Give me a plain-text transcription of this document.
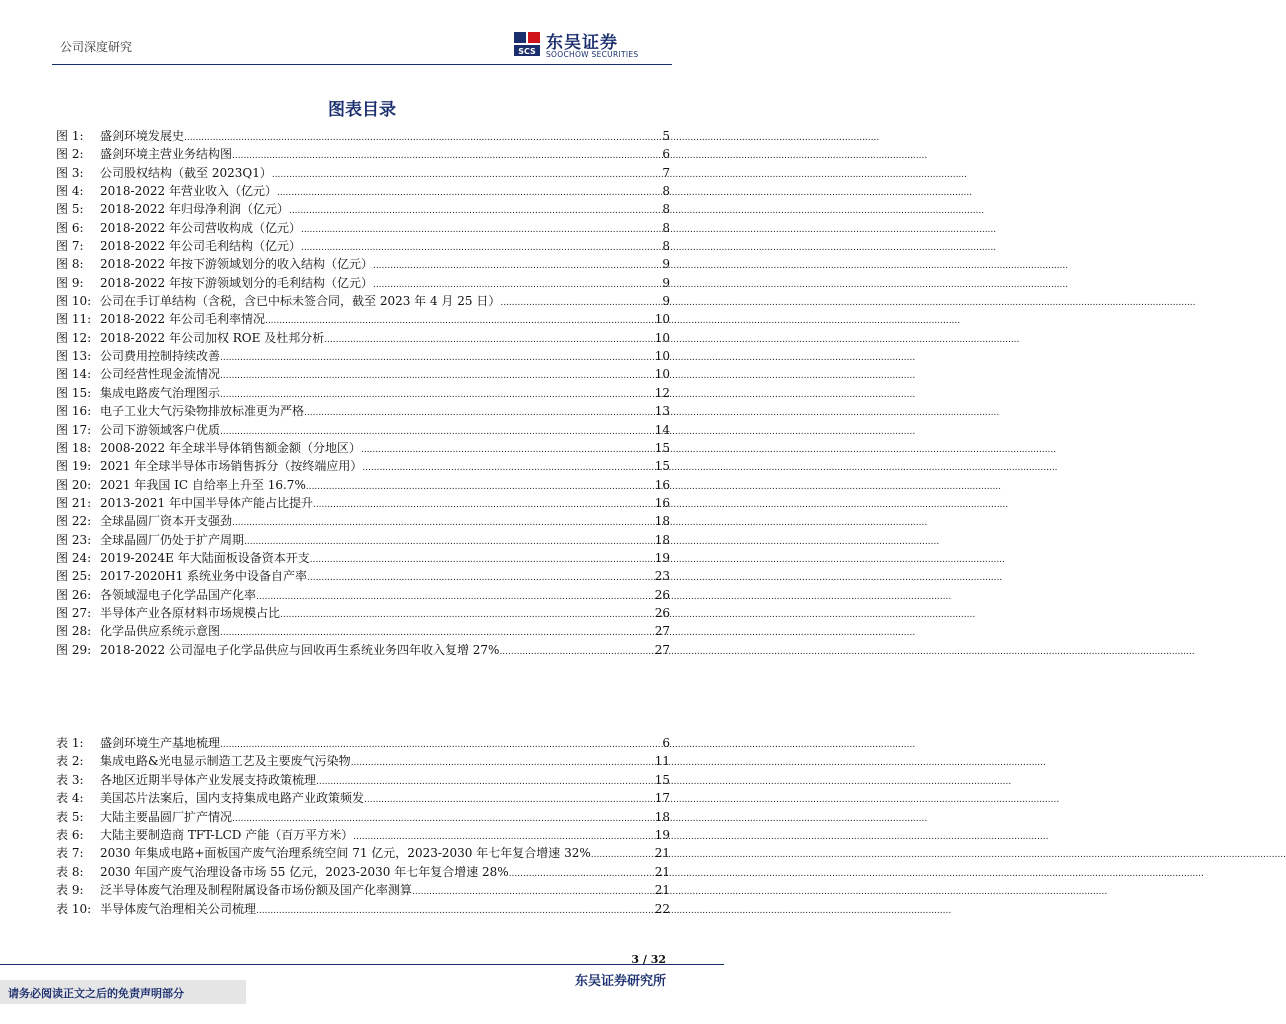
公司深度研究	SCS 东吴证券
SOOCHOW SECURITIES
图表目录
图 1:	盛剑环境发展史 .....	5
图 2:	盛剑环境主营业务结构图 .....	6
图 3:	公司股权结构（截至 2023Q1） .....	7
图 4:	2018-2022 年营业收入（亿元） .....	8
图 5:	2018-2022 年归母净利润（亿元） .....	8
图 6:	2018-2022 年公司营收构成（亿元） .....	8
图 7:	2018-2022 年公司毛利结构（亿元） .....	8
图 8:	2018-2022 年按下游领域划分的收入结构（亿元） .....	9
图 9:	2018-2022 年按下游领域划分的毛利结构（亿元） .....	9
图 10: 公司在手订单结构（含税，含已中标未签合同，截至 2023 年 4 月 25 日） .....	9
图 11: 2018-2022 年公司毛利率情况 .....	10
图 12: 2018-2022 年公司加权 ROE 及杜邦分析 .....	10
图 13: 公司费用控制持续改善 .....	10
图 14: 公司经营性现金流情况 .....	10
图 15: 集成电路废气治理图示 .....	12
图 16: 电子工业大气污染物排放标准更为严格 .....	13
图 17: 公司下游领域客户优质 .....	14
图 18: 2008-2022 年全球半导体销售额金额（分地区） .....	15
图 19: 2021 年全球半导体市场销售拆分（按终端应用） .....	15
图 20: 2021 年我国 IC 自给率上升至 16.7% .....	16
图 21: 2013-2021 年中国半导体产能占比提升 .....	16
图 22: 全球晶圆厂资本开支强劲 .....	18
图 23: 全球晶圆厂仍处于扩产周期 .....	18
图 24: 2019-2024E 年大陆面板设备资本开支 .....	19
图 25: 2017-2020H1 系统业务中设备自产率 .....	23
图 26: 各领域湿电子化学品国产化率 .....	26
图 27: 半导体产业各原材料市场规模占比 .....	26
图 28: 化学品供应系统示意图 .....	27
图 29: 2018-2022 公司湿电子化学品供应与回收再生系统业务四年收入复增 27% .....	27
表 1:	盛剑环境生产基地梳理 .....	6
表 2:	集成电路&光电显示制造工艺及主要废气污染物 .....	11
表 3:	各地区近期半导体产业发展支持政策梳理 .....	15
表 4:	美国芯片法案后，国内支持集成电路产业政策频发 .....	17
表 5:	大陆主要晶圆厂扩产情况 .....	18
表 6:	大陆主要制造商 TFT-LCD 产能（百万平方米） .....	19
表 7:	2030 年集成电路+面板国产废气治理系统空间 71 亿元，2023-2030 年七年复合增速 32% .....	21
表 8:	2030 年国产废气治理设备市场 55 亿元，2023-2030 年七年复合增速 28% .....	21
表 9:	泛半导体废气治理及制程附属设备市场份额及国产化率测算 .....	21
表 10: 半导体废气治理相关公司梳理 .....	22
3 / 32
请务必阅读正文之后的免责声明部分
东吴证券研究所
